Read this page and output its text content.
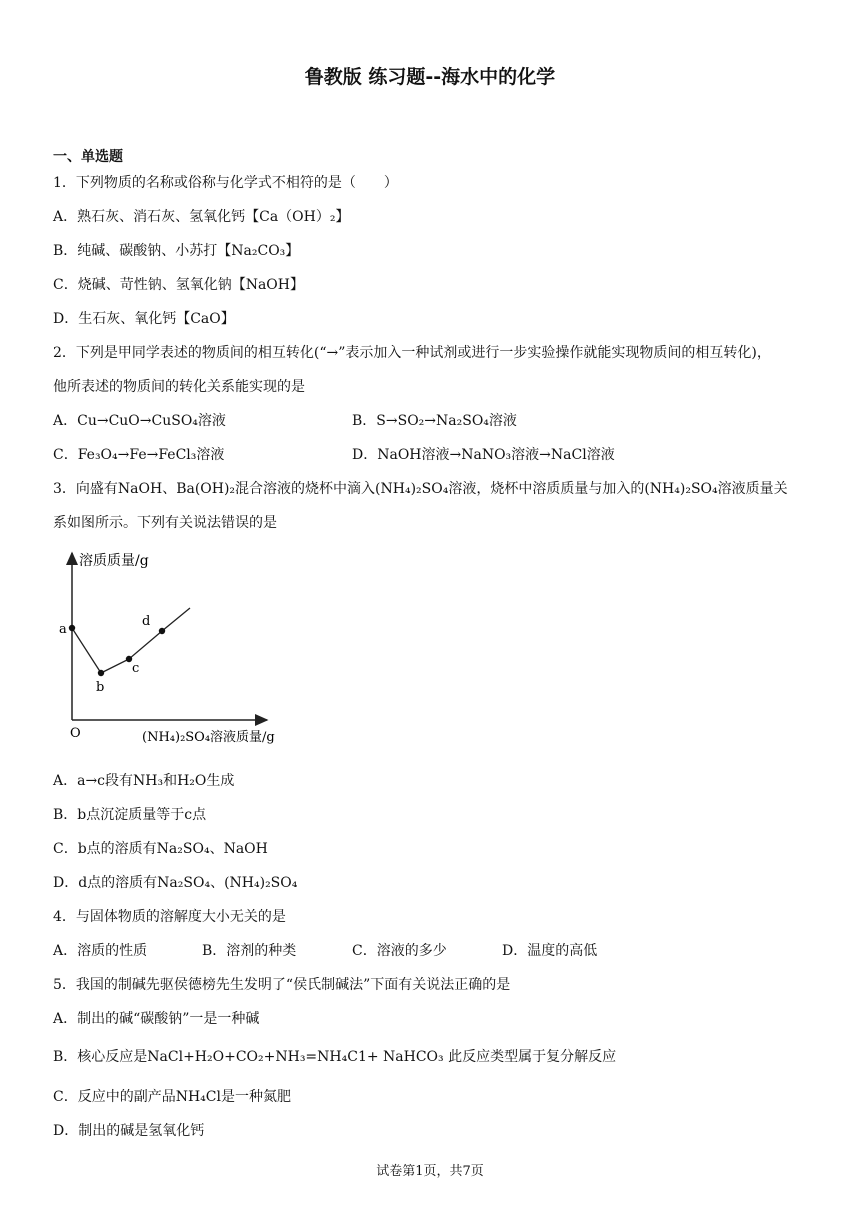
鲁教版 练习题--海水中的化学
一、单选题
1．下列物质的名称或俗称与化学式不相符的是（　　）
A．熟石灰、消石灰、氢氧化钙【Ca（OH）₂】
B．纯碱、碳酸钠、小苏打【Na₂CO₃】
C．烧碱、苛性钠、氢氧化钠【NaOH】
D．生石灰、氧化钙【CaO】
2．下列是甲同学表述的物质间的相互转化(“→”表示加入一种试剂或进行一步实验操作就能实现物质间的相互转化)，
他所表述的物质间的转化关系能实现的是
A．Cu→CuO→CuSO₄溶液	B．S→SO₂→Na₂SO₄溶液
C．Fe₃O₄→Fe→FeCl₃溶液	D．NaOH溶液→NaNO₃溶液→NaCl溶液
3．向盛有NaOH、Ba(OH)₂混合溶液的烧杯中滴入(NH₄)₂SO₄溶液，烧杯中溶质质量与加入的(NH₄)₂SO₄溶液质量关
系如图所示。下列有关说法错误的是
溶质质量/g
a
b
c
d
O	(NH₄)₂SO₄溶液质量/g
A．a→c段有NH₃和H₂O生成
B．b点沉淀质量等于c点
C．b点的溶质有Na₂SO₄、NaOH
D．d点的溶质有Na₂SO₄、(NH₄)₂SO₄
4．与固体物质的溶解度大小无关的是
A．溶质的性质	B．溶剂的种类	C．溶液的多少	D．温度的高低
5．我国的制碱先驱侯德榜先生发明了“侯氏制碱法”下面有关说法正确的是
A．制出的碱“碳酸钠”一是一种碱
B．核心反应是NaCl+H₂O+CO₂+NH₃=NH₄C1+ NaHCO₃ 此反应类型属于复分解反应
C．反应中的副产品NH₄Cl是一种氮肥
D．制出的碱是氢氧化钙
试卷第1页，共7页
